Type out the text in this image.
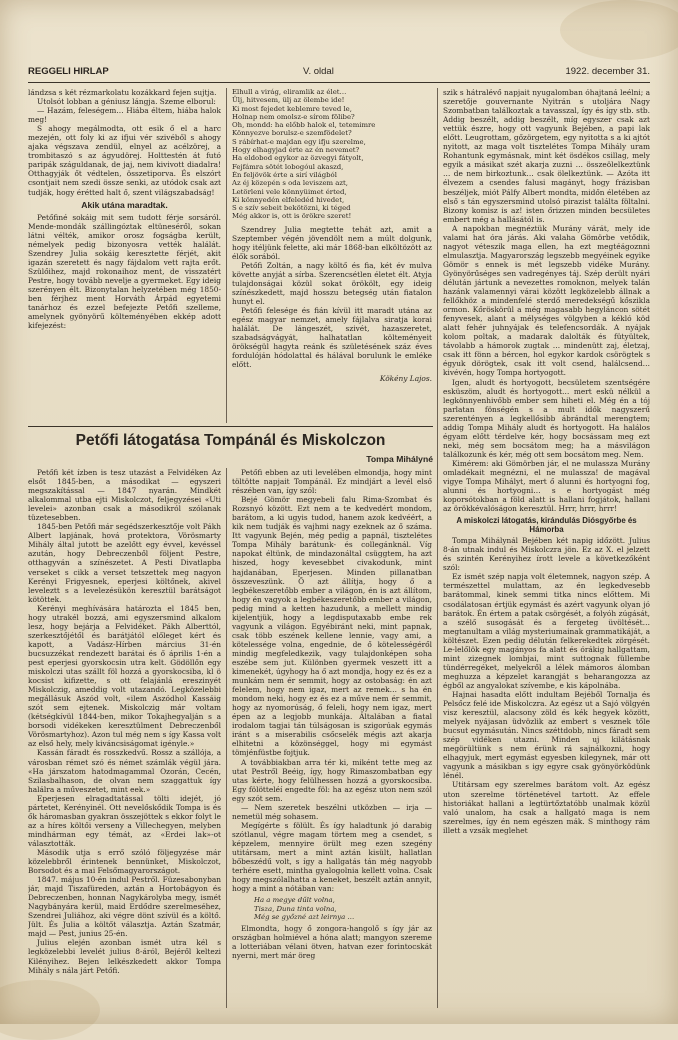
REGGELI HIRLAP	V. oldal	1922. december 31.

lándzsa s két rézmarkolatu kozákkard fejen sujtja.

Utolsót lobban a géniusz lángja. Szeme elborul:

— Hazám, feleségem… Hiába éltem, hiába halok meg!

S ahogy megálmodta, ott esik ő el a harc mezején, ott foly ki az ifjui vér szivéből s ahogy ajaka végszava zendül, elnyel az acélzörej, a trombitaszó s az ágyudörej. Holttestén át futó paripák száguldanak, de jaj, nem kivivott diadalra! Otthagyják őt védtelen, összetiporva. És elszórt csontjait nem szedi össze senki, az utódok csak azt tudják, hogy érétted halt ő, szent világszabadság!

Akik utána maradtak.

Petőfiné sokáig mit sem tudott férje sorsáról. Mende-mondák szállingóztak eltüneséről, sokan látni vélték, amikor orosz fogságba került, némelyek pedig bizonyosra vették halálát. Szendrey Julia sokáig keresztette férjét, akit igazán szeretett és nagy fájdalom vett rajta erőt. Szülőihez, majd rokonaihoz ment, de visszatért Pestre, hogy tovább nevelje a gyermeket. Egy ideig szerényen élt. Bizonytalan helyzetében még 1850-ben férjhez ment Horváth Árpád egyetemi tanárhoz és ezzel befejezte Petőfi szelleme, amelynek gyönyörű költeményében ekkép adott kifejezést:

Elhull a virág, eliramlik az élet…
Ülj, hitvesem, ülj az ölembe ide!
Ki most fejedet keblemre teved le,
Holnap nem omolsz-e sírom fölibe?
Oh, mondd: ha előbb halok el, tetemimre
Könnyezve borulsz-e szemfödelet?
S rábírhat-e majdan egy ifju szerelme,
Hogy elhagyjad érte az én nevemet?
Ha eldobod egykor az özvegyi fátyolt,
Fejfámra sötét lobogóul akaszd,
Én feljövök érte a sirí világból
Az éj közepén s oda leviszem azt,
Letörleni vele könnyüimet érted,
Ki könnyedén elfeledéd hivedet,
S e szív sebeit bekötözni, ki téged
Még akkor is, ott is örökre szeret!

Szendrey Julia megtette tehát azt, amit a Szeptember végén jövendölt nem a múlt dolgunk, hogy itéljünk felette, aki már 1868-ban elköltözött az élők sorából.

Petőfi Zoltán, a nagy költő és fia, két év mulva követte anyját a sírba. Szerencsétlen életet élt. Atyja tulajdonságai közül sokat örökölt, egy ideig színészkedett, majd hosszu betegség után fiatalon hunyt el.

Petőfi felesége és fián kívül itt maradt utána az egész magyar nemzet, amely fájlalva siratja korai halálát. De lángeszét, szivét, hazaszeretet, szabadságvágyát, halhatatlan költeményeit örökségül hagyta reánk és születésének száz éves fordulóján hódolattal és hálával borulunk le emléke előtt.

Kökény Lajos.
Petőfi látogatása Tompánál és Miskolczon
Tompa Mihályné

Petőfi két ízben is tesz utazást a Felvidéken Az elsőt 1845-ben, a másodikat — egyszeri megszakítással — 1847 nyarán. Mindkét alkalommal utba ejti Miskolczot, feljegyzései «Uti levelei» azonban csak a másodikról szólanak tüzetesebben.

1845-ben Petőfi már segédszerkesztője volt Pákh Albert lapjának, hová protektora, Vörösmarty Mihály által jutott be azelőtt egy évvel, kevéssel azután, hogy Debreczenből följent Pestre, otthagyván a színészetet. A Pesti Divatlapba verseket s cikk a verset tetszettek meg nagyon Kerényi Frigyesnek, eperjesi költőnek, akivel leveleztt s a levelezésükön keresztül barátságot kötöttek.

Kerényi meghívására határozta el 1845 ben, hogy utrakél bozzá, ami egyszersmind alkalom lesz, hogy bejárja a Felvidéket. Pákh Alberttól, szerkesztőjétől és barátjától előleget kért és kapott, a Vadász-Hírben március 31-én bucsuzzékat rendezett barátai és ő április 1-én a pest eperjesi gyorskocsin utra kelt. Gödöllőn egy miskolczi utas szállt föl hozzá a gyorskocsiba, kl ö kocsist kifizette, s ott felajánlá ereszinyét Miskolczig, ameddig volt utazandó. Legközelebbi megállásuk Aszód volt, «ilem Aszódhol Kassáig szót sem ejtenek. Miskolczig már voltam (kétségkívül 1844-ben, mikor Tokajhegyalján s a borsodi vidékeken keresztülment Debreczenből Vörösmartyhoz). Azon tul még nem s így Kassa volt az első hely, mely kiváncsiságomat igényle.»

Kassán fáradt és rosszkedvű. Rossz a szállója, a városban rémet szó és német számlák végül jára. «Ha járszatom hatodmagammal Ozorán, Cecén, Szilasbalhason, de olvan nem szaggattuk így halálra a műveszetet, mint eek.»

Eperjesen elragadtatással tölti idejét, jó pártetet, Kerényinél. Ott nevelőskődik Tompa is és ők háromasban gyakran összejöttek s ekkor folyt le az a híres költői verseny a Villechegyen, melyben mindhárman egy témát, az «Erdei lak»-ot választották.

Második utja s errő szóló följegyzése már közelebbről érintenek bennünket, Miskolczot, Borsodot és a mai Felsőmagyarországot.

1847. május 10-én indul Pestről. Füzesabonyban jár, majd Tiszafüreden, aztán a Hortobágyon és Debreczenben, honnan Nagykárolyba megy, ismét Nagybányára kerül, maid Erdődre szerelmeséhez, Szendrei Juliához, aki végre dönt szívül és a költő. Jült. És Julia a költőt választja. Aztán Szatmár, majd — Pest, junius 25-én.

Julius elején azonban ismét utra kél s legközelebbi levelét julius 8-áról, Bejéről keltezi Kilényihez. Bejen lelkészkedett akkor Tompa Mihály s nála járt Petőfi.

Petőfi ebben az uti levelében elmondja, hogy mint töltötte napjait Tompánál. Ez mindjárt a levél első részében van, így szól:

Bejé Gömör megyebeli falu Rima-Szombat és Rozsnyó között. Ezt nem a te kedvedért mondom, barátom, a ki ugyis tudod, hanem azok kedvéért, a kik nem tudják és vajhmi nagy ezeknek az ő száma. Itt vagyunk Bején, még pedig a papnál, tisztelétes Tompa Mihály barátunk- és collegánknál. Víg napokat éltünk, de mindazonáltal csüggtem, ha azt hiszed, hogy kevesebbet civakodunk, mint hajdanában, Eperjesen. Minden pillanatban összeveszünk. Ő azt állítja, hogy ő a legbékeszeretőbb ember a világon, én is azt állítom, hogy én vagyok a legbékeszeretőbb ember a világon, pedig mind a ketten hazudunk, a mellett mindig kijelentjük, hogy a legdisputaxabb embe rek vagyunk a világon. Egyébiránt neki, mint papnak, csak több eszének kellene lennie, vagy ami, a kötelessége volna, engednie, de ő kötelességéről mindig megfeledkezik, vagy tulajdonképen soha eszébe sem jut. Különben gyermek veszett itt a kimenekét, úgyhogy ha ő azt mondja, hogy ez és ez a munkám nem ér semmit, hogy az ostobaság: én azt felelem, hogy nem igaz, mert az remek… s ha én mondom neki, hogy ez és ez a műve nem ér semmit, hogy az nyomorúság, ő feleli, hogy nem igaz, mert épen az a legjobb munkája. Általában a fiatal irodalom tagjai tán túlságosan is szigorúak egymás iránt s a miserabilis csőcselék mégis azt akarja elhitetni a közönséggel, hogy mi egymást tömjénfüstbe fojtjuk.

A továbbiakban arra tér ki, miként tette meg az utat Pestről Beéig, így, hogy Rimaszombatban egy utas kérte, hogy felülhessen hozzá a gyorskocsiba. Egy fölötteléí engedte föl: ha az egész uton nem szól egy szót sem.

— Nem szeretek beszélni utközben — irja — nemetül még sohasem.

Megígérte s fölült. És így haladtunk jó darabig szótlanul, végre magam törtem meg a csendet, s képzelem, mennyire örült meg ezen szegény utitársam, mert a mint aztán kisült, hallatlan bőbeszédű volt, s így a hallgatás tán még nagyobb terhére esett, mintha gyalogolnia kellett volna. Csak hogy megszólalhatta a keneket, beszélt aztán annyit, hogy a mint a nótában van:

Ha a megye dűlt volna,
Tisza, Duna tinta volna,
Még se győzné azt leirnya …

Elmondta, hogy ő zongora-hangolő s így jár az országban holmiével a hóna alatt; mangyon szereme a lotteriában vélani ötven, hatvan ezer forintocskát nyerni, mert már öreg

szik s hátralévő napjait nyugalomban óhajtaná leélni; a szeretője gouvernante Nyitrán s utoljára Nagy Szombatban találkoztak a tavasszal, így és így stb. stb. Addig beszélt, addig beszélt, míg egyszer csak azt vettük észre, hogy ott vagyunk Bejében, a papi lak előtt. Leugrottam, gőzörgetem, egy nyitotta s a ki ajtót nyitott, az maga volt tisztelétes Tompa Mihály uram Rohantunk egymásnak, mint két ösdékos csillag, mely egyik a másikat szét akarja zuzni … összeölelkeztünk … de nem birkoztunk… csak ölelkeztünk. — Azóta itt élvezem a csendes falusi magányt, hogy frázisban beszéljek, miót Pálfy Albert mondta, midőn életében az első s tán egyszersmind utolsó pirazist találta föltalni. Bizony komisz is az! isten őrizzen minden becsületes embert még a hallásától is.

A napokban megnéztük Murány várát, mely ide valami hat óra járás. Aki valaha Gömörbe vetődik, nagyot véteszik maga ellen, ha ezt megtéágoznni elmulasztja. Magyarország legszebb megyéinek egyike Gömör s ennek is mét legszebb vidéke Murány. Gyönyörűséges sen vadregényes táj. Szép derült nyári délután jártunk a nevezettes romoknon, melyek talán hazánk valamennyi várai között legközelebb állnak a fellőkhöz a mindenfelé sterdő meredekségű kőszikla ormon. Kőröskörül a még magasabb hegyláncon sötét fenyvesek, alant a mélységes völgyben a kékló köd alatt fehér juhnyájak és telefencsordák. A nyájak kolom poltak, a madarak dalolták és fütyültek, távolabb a hámorok zugtak … mindenütt zaj, életzaj, csak itt fönn a bércen, hol egykor kardok csörögtek s égyuk dörögtek, csak itt volt csend, halálcsend… kivévén, hogy Tompa hortyogott.

Igen, aludt és hortyogott, becsületem szentségére esküszöm, aludt és hortyogott… mert eskü nélkül a legkönnyenhivőbb ember sem hiheti el. Még én a tój parlatan fönségén s a mult idők nagyszerű szerentényen a legkellősibb ábrándtal merengtem; addig Tompa Mihály aludt és hortyogott. Ha halálos égyam előtt térdelve kér, hogy bocsássam meg ezt neki, még sem bocsátom meg; ha a másvilágon találkozunk és kér, még ott sem bocsátom meg. Nem.

Kimérem: aki Gömörben jár, el ne mulassza Murány omladékait megnézni, el ne mulassza! de magával vigye Tompa Mihályt, mert ő alunni és hortyogni fog, alunni és hortyogni… s e hortyogást még koporsótokban a föld alatt is hallani fogjátok, hallani az örökkévalóságon keresztül. Hrrr, hrrr, hrrr!

A miskolczi látogatás, kirándulás Diósgyőrbe és Hámorba

Tompa Mihálynál Bejében két napig időzött. Julius 8-án utnak indul és Miskolczra jön. Ez az X. el jelzett és szintén Kerényihez írott levele a következőként szól:

Ez ismét szép napja volt életemnek, nagyon szép. A természettel mulattam, az én legkedvesebb barátommal, kinek semmi titka nincs előttem. Mi csodálatosan értjük egymást és azért vagyunk olyan jó barátok. Én értem a patak csörgését, a folyóh zúgását, a szélő susogását és a fergeteg üvöltését… megtanultam a világ mysteriumainak grammatikáját, a költészet. Ezen pedig délután felkerekedtek zörgését. Le-lelőlök egy magányos fa alatt és órákig hallgattam, mint zizegnek lombjai, mint suttognak füllembe tündérregéket, melyekről a lélek mámoros álomban meghuzza a képzelet karangját s beharangozza az égből az angyalokat szívembe, e kis kápolnába.

Hajnai hasadta előtt indultam Bejéből Tornalja és Pelsőcz felé ide Miskolczra. Az egész ut a Sajó völgyén visz keresztül, alacsony zöld és kék hegyek között, melyek nyájasan üdvözlik az embert s vesznek tőle bucsut egymásután. Nincs széttdobb, nincs fáradt sem szép vidéken utazni. Minden uj kilátásnak megörültünk s nem érünk rá sajnálkozni, hogy elhagyjuk, mert egymást egyesben kilegynek, már ott vagyunk a másikban s igy egyre csak gyönyörködünk lénél.

Utitársam egy szerelmes barátom volt. Az egész uton szerelme történetével tartott. Az effele historiákat hallani a legtürtőztatóbb unalmak közül való unalom, ha csak a hallgató maga is nem szerelmes, így én nem egészen mák. S minthogy rám illett a vzsák meglehet
